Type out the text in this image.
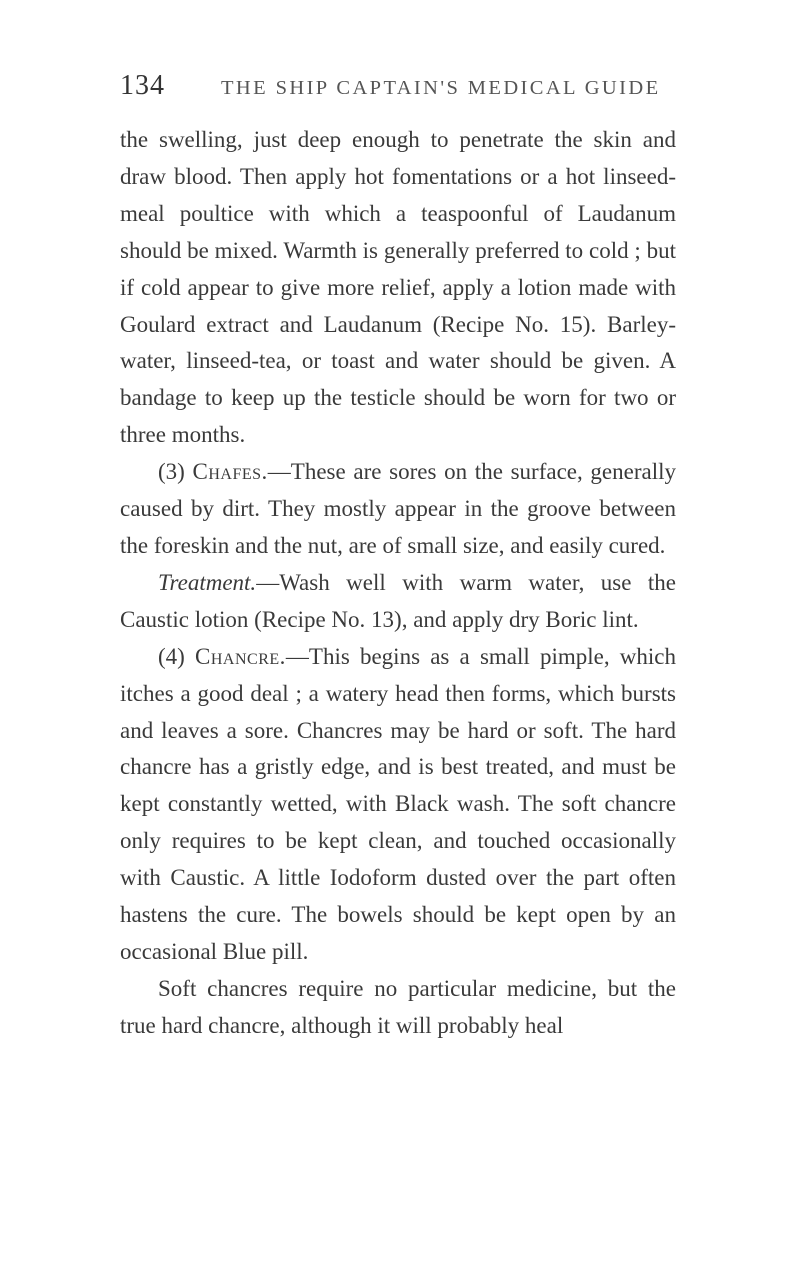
134	THE SHIP CAPTAIN'S MEDICAL GUIDE

the swelling, just deep enough to penetrate the skin and draw blood. Then apply hot fomentations or a hot linseed-meal poultice with which a teaspoonful of Laudanum should be mixed. Warmth is generally preferred to cold ; but if cold appear to give more relief, apply a lotion made with Goulard extract and Laudanum (Recipe No. 15). Barley-water, linseed-tea, or toast and water should be given. A bandage to keep up the testicle should be worn for two or three months.

(3) Chafes.—These are sores on the surface, generally caused by dirt. They mostly appear in the groove between the foreskin and the nut, are of small size, and easily cured.

Treatment.—Wash well with warm water, use the Caustic lotion (Recipe No. 13), and apply dry Boric lint.

(4) Chancre.—This begins as a small pimple, which itches a good deal ; a watery head then forms, which bursts and leaves a sore. Chancres may be hard or soft. The hard chancre has a gristly edge, and is best treated, and must be kept constantly wetted, with Black wash. The soft chancre only requires to be kept clean, and touched occasionally with Caustic. A little Iodoform dusted over the part often hastens the cure. The bowels should be kept open by an occasional Blue pill.

Soft chancres require no particular medicine, but the true hard chancre, although it will probably heal
